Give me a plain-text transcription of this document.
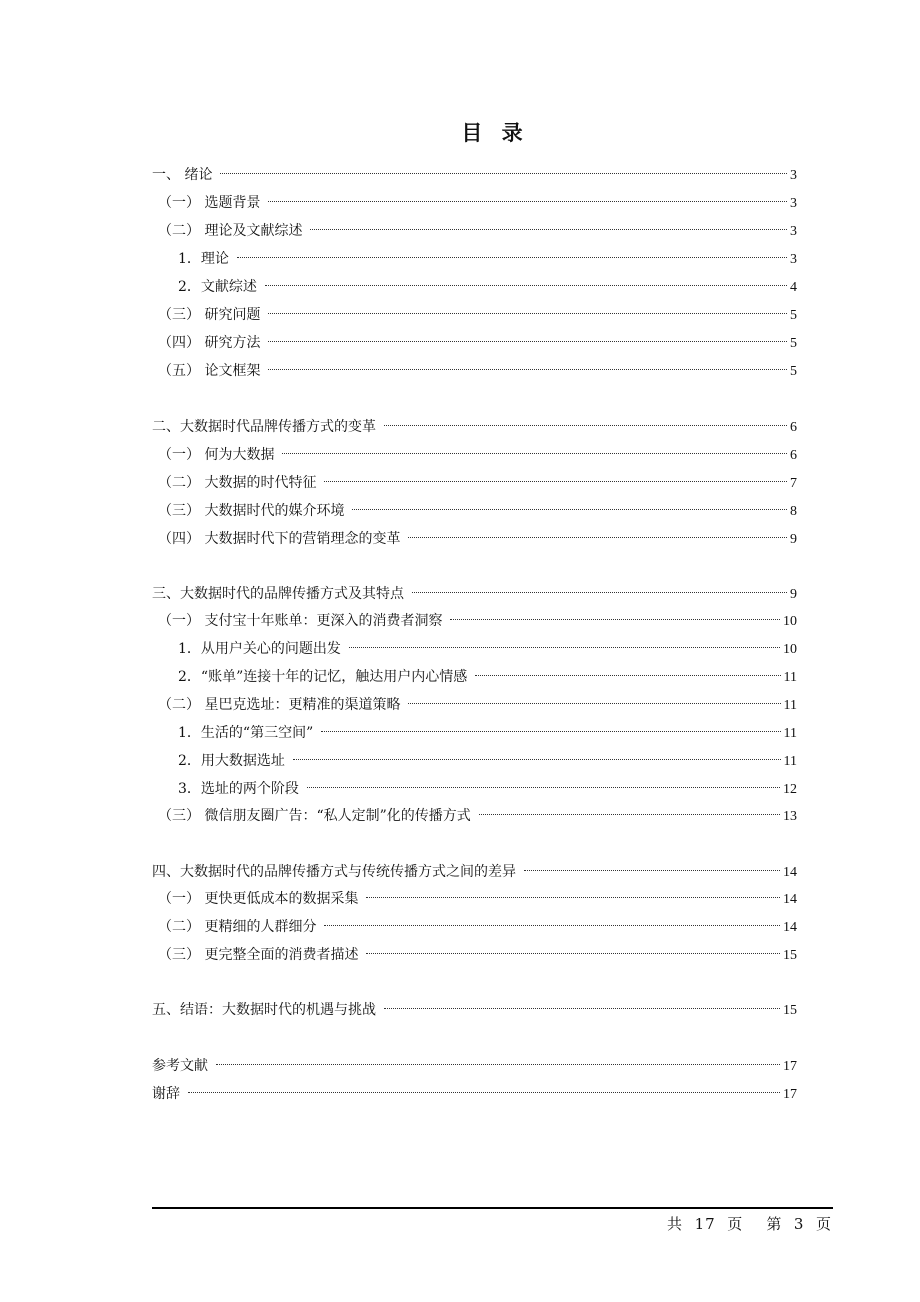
目 录
一、 绪论	3
（一） 选题背景	3
（二） 理论及文献综述	3
1．理论	3
2．文献综述	4
（三） 研究问题	5
（四） 研究方法	5
（五） 论文框架	5
二、大数据时代品牌传播方式的变革	6
（一） 何为大数据	6
（二） 大数据的时代特征	7
（三） 大数据时代的媒介环境	8
（四） 大数据时代下的营销理念的变革	9
三、大数据时代的品牌传播方式及其特点	9
（一） 支付宝十年账单：更深入的消费者洞察	10
1．从用户关心的问题出发	10
2．“账单”连接十年的记忆，触达用户内心情感	11
（二） 星巴克选址：更精准的渠道策略	11
1．生活的“第三空间”	11
2．用大数据选址	11
3．选址的两个阶段	12
（三） 微信朋友圈广告：“私人定制”化的传播方式	13
四、大数据时代的品牌传播方式与传统传播方式之间的差异	14
（一） 更快更低成本的数据采集	14
（二） 更精细的人群细分	14
（三） 更完整全面的消费者描述	15
五、结语：大数据时代的机遇与挑战	15
参考文献	17
谢辞	17
共 17 页 第 3 页
